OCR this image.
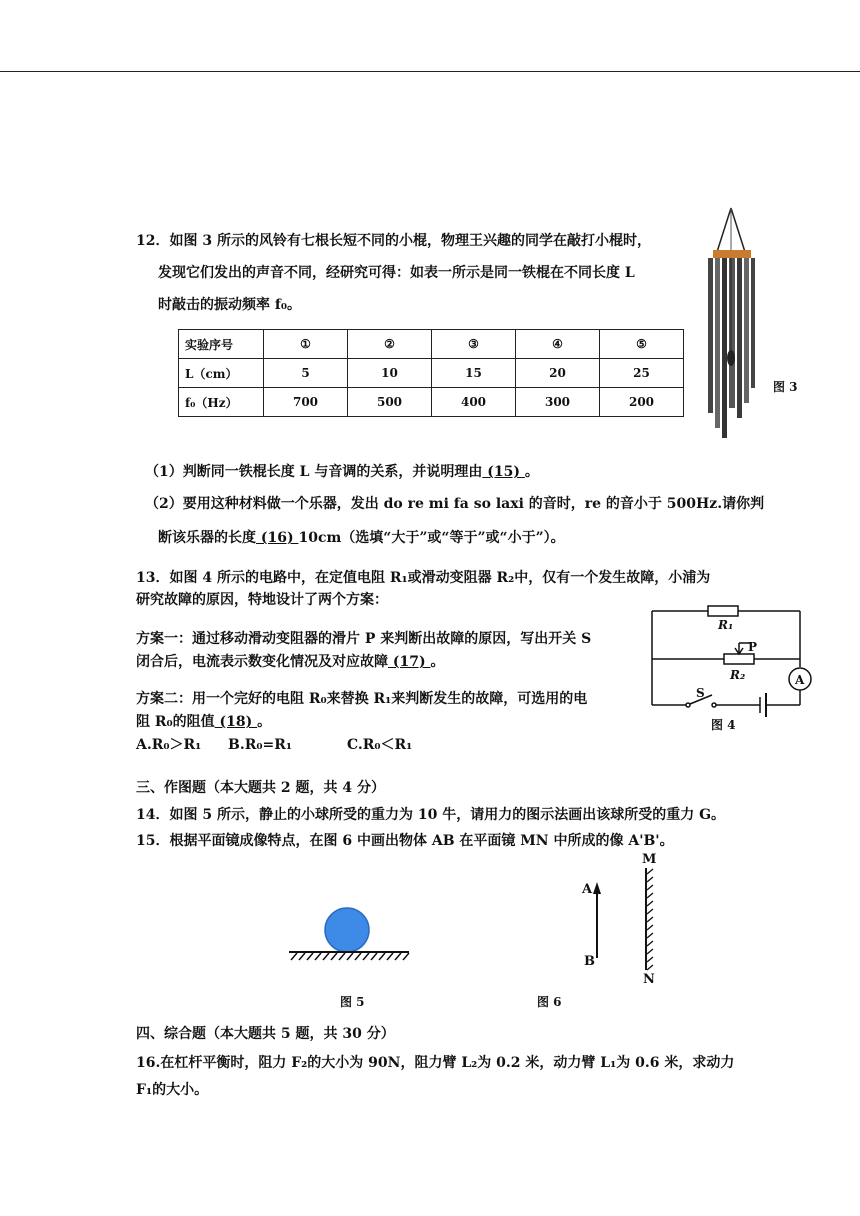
12．如图 3 所示的风铃有七根长短不同的小棍，物理王兴趣的同学在敲打小棍时，
发现它们发出的声音不同，经研究可得：如表一所示是同一铁棍在不同长度 L
时敲击的振动频率 f₀。
实验序号	①	②	③	④	⑤
L（cm）	5	10	15	20	25
f₀（Hz）	700	500	400	300	200
图 3
（1）判断同一铁棍长度 L 与音调的关系，并说明理由 (15) 。
（2）要用这种材料做一个乐器，发出 do re mi fa so laxi 的音时，re 的音小于 500Hz.请你判
断该乐器的长度 (16) 10cm（选填“大于”或“等于”或“小于”）。
13．如图 4 所示的电路中，在定值电阻 R₁或滑动变阻器 R₂中，仅有一个发生故障，小浦为
研究故障的原因，特地设计了两个方案：
方案一：通过移动滑动变阻器的滑片 P 来判断出故障的原因，写出开关 S
闭合后，电流表示数变化情况及对应故障 (17) 。
方案二：用一个完好的电阻 R₀来替换 R₁来判断发生的故障，可选用的电
阻 R₀的阻值 (18) 。
A.R₀＞R₁ B.R₀=R₁	C.R₀＜R₁
R₁
P
R₂	A
S
图 4
三、作图题（本大题共 2 题，共 4 分）
14．如图 5 所示，静止的小球所受的重力为 10 牛，请用力的图示法画出该球所受的重力 G。
15．根据平面镜成像特点，在图 6 中画出物体 AB 在平面镜 MN 中所成的像 A'B'。
图 5
A
B
M
N
图 6
四、综合题（本大题共 5 题，共 30 分）
16.在杠杆平衡时，阻力 F₂的大小为 90N，阻力臂 L₂为 0.2 米，动力臂 L₁为 0.6 米，求动力
F₁的大小。
